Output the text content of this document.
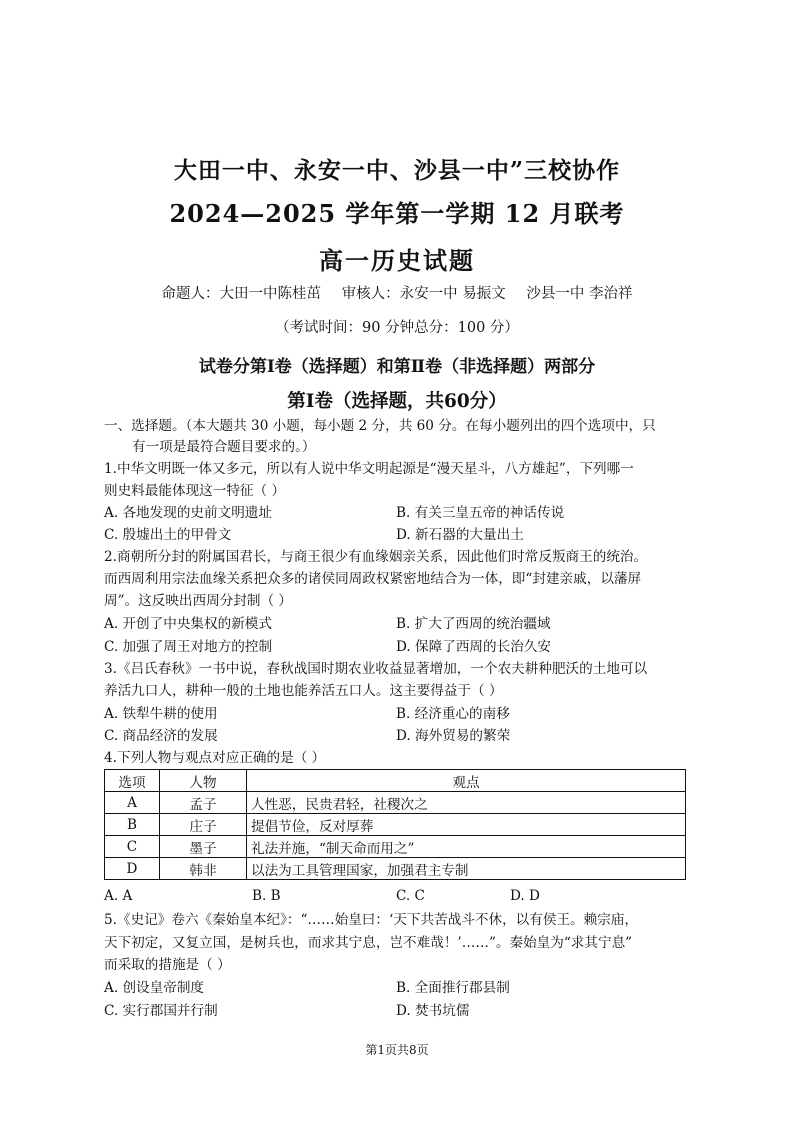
大田一中、永安一中、沙县一中”三校协作
2024—2025 学年第一学期 12 月联考
高一历史试题
命题人：大田一中陈桂茁 审核人：永安一中 易振文 沙县一中 李治祥
（考试时间：90 分钟总分：100 分）
试卷分第Ⅰ卷（选择题）和第Ⅱ卷（非选择题）两部分
第Ⅰ卷（选择题，共60分）
一、选择题。（本大题共 30 小题，每小题 2 分，共 60 分。在每小题列出的四个选项中，只
有一项是最符合题目要求的。）
1.中华文明既一体又多元，所以有人说中华文明起源是“漫天星斗，八方雄起”，下列哪一
则史料最能体现这一特征（ ）
A. 各地发现的史前文明遗址	B. 有关三皇五帝的神话传说
C. 殷墟出土的甲骨文	D. 新石器的大量出土
2.商朝所分封的附属国君长，与商王很少有血缘姻亲关系，因此他们时常反叛商王的统治。
而西周利用宗法血缘关系把众多的诸侯同周政权紧密地结合为一体，即“封建亲戚，以藩屏
周”。这反映出西周分封制（ ）
A. 开创了中央集权的新模式	B. 扩大了西周的统治疆域
C. 加强了周王对地方的控制	D. 保障了西周的长治久安
3.《吕氏春秋》一书中说，春秋战国时期农业收益显著增加，一个农夫耕种肥沃的土地可以
养活九口人，耕种一般的土地也能养活五口人。这主要得益于（ ）
A. 铁犁牛耕的使用	B. 经济重心的南移
C. 商品经济的发展	D. 海外贸易的繁荣
4.下列人物与观点对应正确的是（ ）
选项	人物	观点
A	孟子	人性恶，民贵君轻，社稷次之
B	庄子	提倡节俭，反对厚葬
C	墨子	礼法并施，“制天命而用之”
D	韩非	以法为工具管理国家，加强君主专制
A. A	B. B	C. C	D. D
5.《史记》卷六《秦始皇本纪》：“……始皇曰：‘天下共苦战斗不休，以有侯王。赖宗庙，
天下初定，又复立国，是树兵也，而求其宁息，岂不难哉！’……”。秦始皇为“求其宁息”
而采取的措施是（ ）
A. 创设皇帝制度	B. 全面推行郡县制
C. 实行郡国并行制	D. 焚书坑儒
第1页共8页
